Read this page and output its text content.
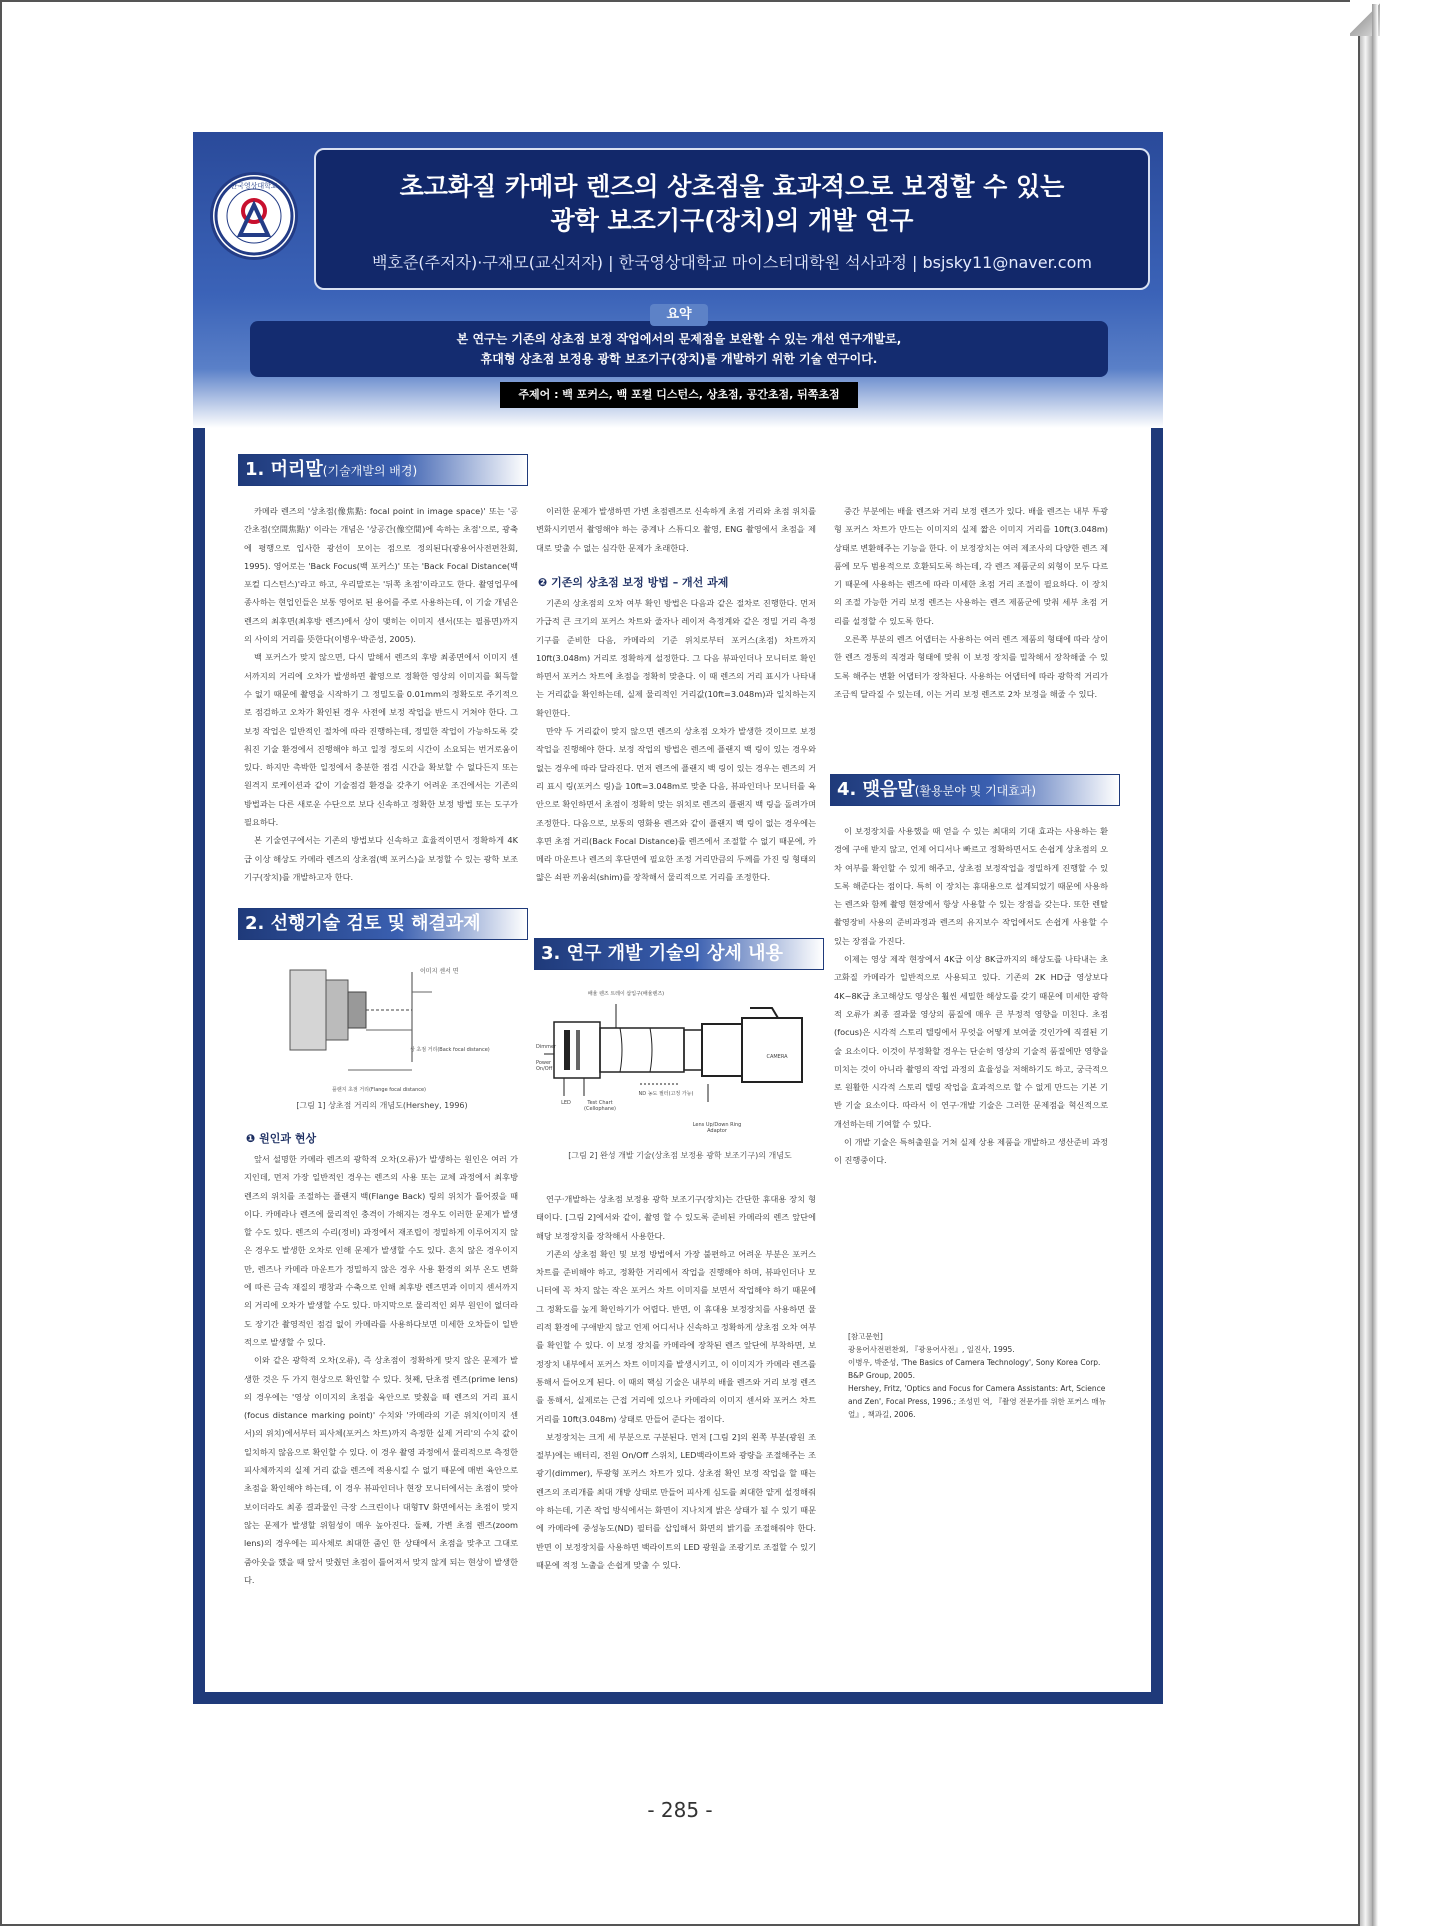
한국영상대학교	초고화질 카메라 렌즈의 상초점을 효과적으로 보정할 수 있는
광학 보조기구(장치)의 개발 연구
백호준(주저자)·구재모(교신저자) | 한국영상대학교 마이스터대학원 석사과정 | bsjsky11@naver.com
본 연구는 기존의 상초점 보정 작업에서의 문제점을 보완할 수 있는 개선 연구개발로,
휴대형 상초점 보정용 광학 보조기구(장치)를 개발하기 위한 기술 연구이다.
요약
주제어 : 백 포커스, 백 포컬 디스턴스, 상초점, 공간초점, 뒤쪽초점
1. 머리말(기술개발의 배경)

카메라 렌즈의 '상초점(像焦點: focal point in image space)' 또는 '공간초점(空間焦點)' 이라는 개념은 '상공간(像空間)에 속하는 초점'으로, 광축에 평행으로 입사한 광선이 모이는 점으로 정의된다(광용어사전편찬회, 1995). 영어로는 'Back Focus(백 포커스)' 또는 'Back Focal Distance(백 포컬 디스턴스)'라고 하고, 우리말로는 '뒤쪽 초점'이라고도 한다. 촬영업무에 종사하는 현업인들은 보통 영어로 된 용어를 주로 사용하는데, 이 기술 개념은 렌즈의 최후면(최후방 렌즈)에서 상이 맺히는 이미지 센서(또는 필름면)까지의 사이의 거리를 뜻한다(이병우·박준성, 2005).

백 포커스가 맞지 않으면, 다시 말해서 렌즈의 후방 최종면에서 이미지 센서까지의 거리에 오차가 발생하면 촬영으로 정확한 영상의 이미지를 획득할 수 없기 때문에 촬영을 시작하기 그 정밀도를 0.01mm의 정확도로 주기적으로 점검하고 오차가 확인된 경우 사전에 보정 작업을 반드시 거쳐야 한다. 그 보정 작업은 일반적인 절차에 따라 진행하는데, 정밀한 작업이 가능하도록 갖춰진 기술 환경에서 진행해야 하고 일정 정도의 시간이 소요되는 번거로움이 있다. 하지만 촉박한 일정에서 충분한 점검 시간을 확보할 수 없다든지 또는 원격지 로케이션과 같이 기술점검 환경을 갖추기 어려운 조건에서는 기존의 방법과는 다른 새로운 수단으로 보다 신속하고 정확한 보정 방법 또는 도구가 필요하다.

본 기술연구에서는 기존의 방법보다 신속하고 효율적이면서 정확하게 4K급 이상 해상도 카메라 렌즈의 상초점(백 포커스)을 보정할 수 있는 광학 보조기구(장치)를 개발하고자 한다.

2. 선행기술 검토 및 해결과제
이미지 센서 면
상 초점 거리(Back focal distance)
플랜지 초점 거리(Flange focal distance)
[그림 1] 상초점 거리의 개념도(Hershey, 1996)
❶ 원인과 현상

앞서 설명한 카메라 렌즈의 광학적 오차(오류)가 발생하는 원인은 여러 가지인데, 먼저 가장 일반적인 경우는 렌즈의 사용 또는 교체 과정에서 최후방 렌즈의 위치를 조절하는 플랜지 백(Flange Back) 링의 위치가 틀어졌을 때이다. 카메라나 렌즈에 물리적인 충격이 가해지는 경우도 이러한 문제가 발생할 수도 있다. 렌즈의 수리(정비) 과정에서 재조립이 정밀하게 이루어지지 않은 경우도 발생한 오차로 인해 문제가 발생할 수도 있다. 흔치 않은 경우이지만, 렌즈나 카메라 마운트가 정밀하지 않은 경우 사용 환경의 외부 온도 변화에 따른 금속 재질의 팽창과 수축으로 인해 최후방 렌즈면과 이미지 센서까지의 거리에 오차가 발생할 수도 있다. 마지막으로 물리적인 외부 원인이 없더라도 장기간 촬영적인 점검 없이 카메라를 사용하다보면 미세한 오차들이 일반적으로 발생할 수 있다.

이와 같은 광학적 오차(오류), 즉 상초점이 정확하게 맞지 않은 문제가 발생한 것은 두 가지 현상으로 확인할 수 있다. 첫째, 단초점 렌즈(prime lens)의 경우에는 '영상 이미지의 초점을 육안으로 맞췄을 때 렌즈의 거리 표시(focus distance marking point)' 수치와 '카메라의 기준 위치(이미지 센서)의 위치)에서부터 피사체(포커스 차트)까지 측정한 실제 거리'의 수치 값이 일치하지 않음으로 확인할 수 있다. 이 경우 촬영 과정에서 물리적으로 측정한 피사체까지의 실제 거리 값을 렌즈에 적용시킬 수 없기 때문에 매번 육안으로 초점을 확인해야 하는데, 이 경우 뷰파인더나 현장 모니터에서는 초점이 맞아 보이더라도 최종 결과물인 극장 스크린이나 대형TV 화면에서는 초점이 맞지 않는 문제가 발생할 위험성이 매우 높아진다. 둘째, 가변 초점 렌즈(zoom lens)의 경우에는 피사체로 최대한 줌인 한 상태에서 초점을 맞추고 그대로 줌아웃을 했을 때 앞서 맞췄던 초점이 틀어져서 맞지 않게 되는 현상이 발생한다.

이러한 문제가 발생하면 가변 초점렌즈로 신속하게 초점 거리와 초점 위치를 변화시키면서 촬영해야 하는 중계나 스튜디오 촬영, ENG 촬영에서 초점을 제대로 맞출 수 없는 심각한 문제가 초래한다.

❷ 기존의 상초점 보정 방법 – 개선 과제

기존의 상초점의 오차 여부 확인 방법은 다음과 같은 절차로 진행한다. 먼저 가급적 큰 크기의 포커스 차트와 줄자나 레이저 측정계와 같은 정밀 거리 측정 기구를 준비한 다음, 카메라의 기준 위치로부터 포커스(초점) 차트까지 10ft(3.048m) 거리로 정확하게 설정한다. 그 다음 뷰파인더나 모니터로 확인하면서 포커스 차트에 초점을 정확히 맞춘다. 이 때 렌즈의 거리 표시가 나타내는 거리값을 확인하는데, 실제 물리적인 거리값(10ft=3.048m)과 일치하는지 확인한다.

만약 두 거리값이 맞지 않으면 렌즈의 상초점 오차가 발생한 것이므로 보정 작업을 진행해야 한다. 보정 작업의 방법은 렌즈에 플랜지 백 링이 있는 경우와 없는 경우에 따라 달라진다. 먼저 렌즈에 플랜지 백 링이 있는 경우는 렌즈의 거리 표시 링(포커스 링)을 10ft=3.048m로 맞춘 다음, 뷰파인더나 모니터를 육안으로 확인하면서 초점이 정확히 맞는 위치로 렌즈의 플랜지 백 링을 돌려가며 조정한다. 다음으로, 보통의 영화용 렌즈와 같이 플랜지 백 링이 없는 경우에는 후면 초점 거리(Back Focal Distance)를 렌즈에서 조절할 수 없기 때문에, 카메라 마운트나 렌즈의 후단면에 필요한 조정 거리만큼의 두께를 가진 링 형태의 얇은 쇠판 끼움쇠(shim)를 장착해서 물리적으로 거리를 조정한다.

3. 연구 개발 기술의 상세 내용
배율 렌즈 트레이 삽입구(배율렌즈)
Dimmer
Power On/Off
LED	Test Chart (Cellophane)
ND 농도 필터(고정 가능)
Lens Up/Down Ring Adaptor
CAMERA
[그림 2] 완성 개발 기술(상초점 보정용 광학 보조기구)의 개념도

연구·개발하는 상초점 보정용 광학 보조기구(장치)는 간단한 휴대용 장치 형태이다. [그림 2]에서와 같이, 촬영 할 수 있도록 준비된 카메라의 렌즈 앞단에 해당 보정장치를 장착해서 사용한다.

기존의 상초점 확인 및 보정 방법에서 가장 불편하고 어려운 부분은 포커스 차트를 준비해야 하고, 정확한 거리에서 작업을 진행해야 하며, 뷰파인더나 모니터에 꼭 차지 않는 작은 포커스 차트 이미지를 보면서 작업해야 하기 때문에 그 정확도를 높게 확인하기가 어렵다. 반면, 이 휴대용 보정장치를 사용하면 물리적 환경에 구애받지 않고 언제 어디서나 신속하고 정확하게 상초점 오차 여부를 확인할 수 있다. 이 보정 장치를 카메라에 장착된 렌즈 앞단에 부착하면, 보정장치 내부에서 포커스 차트 이미지를 발생시키고, 이 이미지가 카메라 렌즈를 통해서 들어오게 된다. 이 때의 핵심 기술은 내부의 배율 렌즈와 거리 보정 렌즈를 통해서, 실제로는 근접 거리에 있으나 카메라의 이미지 센서와 포커스 차트 거리를 10ft(3.048m) 상태로 만들어 준다는 점이다.

보정장치는 크게 세 부분으로 구분된다. 먼저 [그림 2]의 왼쪽 부분(광원 조절부)에는 배터리, 전원 On/Off 스위치, LED백라이트와 광량을 조절해주는 조광기(dimmer), 투광형 포커스 차트가 있다. 상초점 확인 보정 작업을 할 때는 렌즈의 조리개를 최대 개방 상태로 만들어 피사계 심도를 최대한 얕게 설정해줘야 하는데, 기존 작업 방식에서는 화면이 지나치게 밝은 상태가 될 수 있기 때문에 카메라에 중성농도(ND) 필터를 삽입해서 화면의 밝기를 조절해줘야 한다. 반면 이 보정장치를 사용하면 백라이트의 LED 광원을 조광기로 조절할 수 있기 때문에 적정 노출을 손쉽게 맞출 수 있다.

중간 부분에는 배율 렌즈와 거리 보정 렌즈가 있다. 배율 렌즈는 내부 투광형 포커스 차트가 만드는 이미지의 실제 짧은 이미지 거리를 10ft(3.048m) 상태로 변환해주는 기능을 한다. 이 보정장치는 여러 제조사의 다양한 렌즈 제품에 모두 범용적으로 호환되도록 하는데, 각 렌즈 제품군의 외형이 모두 다르기 때문에 사용하는 렌즈에 따라 미세한 초점 거리 조절이 필요하다. 이 장치의 조절 가능한 거리 보정 렌즈는 사용하는 렌즈 제품군에 맞춰 세부 초점 거리를 설정할 수 있도록 한다.

오른쪽 부분의 렌즈 어댑터는 사용하는 여러 렌즈 제품의 형태에 따라 상이한 렌즈 경통의 직경과 형태에 맞춰 이 보정 장치를 밀착해서 장착해줄 수 있도록 해주는 변환 어댑터가 장착된다. 사용하는 어댑터에 따라 광학적 거리가 조금씩 달라질 수 있는데, 이는 거리 보정 렌즈로 2차 보정을 해줄 수 있다.

4. 맺음말(활용분야 및 기대효과)

이 보정장치를 사용했을 때 얻을 수 있는 최대의 기대 효과는 사용하는 환경에 구애 받지 않고, 언제 어디서나 빠르고 정확하면서도 손쉽게 상초점의 오차 여부를 확인할 수 있게 해주고, 상초점 보정작업을 정밀하게 진행할 수 있도록 해준다는 점이다. 특히 이 장치는 휴대용으로 설계되었기 때문에 사용하는 렌즈와 함께 촬영 현장에서 항상 사용할 수 있는 장점을 갖는다. 또한 렌탈 촬영장비 사용의 준비과정과 렌즈의 유지보수 작업에서도 손쉽게 사용할 수 있는 장점을 가진다.

이제는 영상 제작 현장에서 4K급 이상 8K급까지의 해상도를 나타내는 초고화질 카메라가 일반적으로 사용되고 있다. 기존의 2K HD급 영상보다 4K~8K급 초고해상도 영상은 훨씬 세밀한 해상도를 갖기 때문에 미세한 광학적 오류가 최종 결과물 영상의 품질에 매우 큰 부정적 영향을 미친다. 초점(focus)은 시각적 스토리 텔링에서 무엇을 어떻게 보여줄 것인가에 직결된 기술 요소이다. 이것이 부정확할 경우는 단순히 영상의 기술적 품질에만 영향을 미치는 것이 아니라 촬영의 작업 과정의 효율성을 저해하기도 하고, 궁극적으로 원활한 시각적 스토리 텔링 작업을 효과적으로 할 수 없게 만드는 기본 기반 기술 요소이다. 따라서 이 연구·개발 기술은 그러한 문제점을 혁신적으로 개선하는데 기여할 수 있다.

이 개발 기술은 특허출원을 거쳐 실제 상용 제품을 개발하고 생산준비 과정이 진행중이다.

[참고문헌]
광용어사전편찬회, 『광용어사전』, 일진사, 1995.
이병우, 박준성, 'The Basics of Camera Technology', Sony Korea Corp. B&P Group, 2005.
Hershey, Fritz, 'Optics and Focus for Camera Assistants: Art, Science and Zen', Focal Press, 1996.; 조성민 역, 『촬영 전문가를 위한 포커스 매뉴얼』, 책과길, 2006.
- 285 -
